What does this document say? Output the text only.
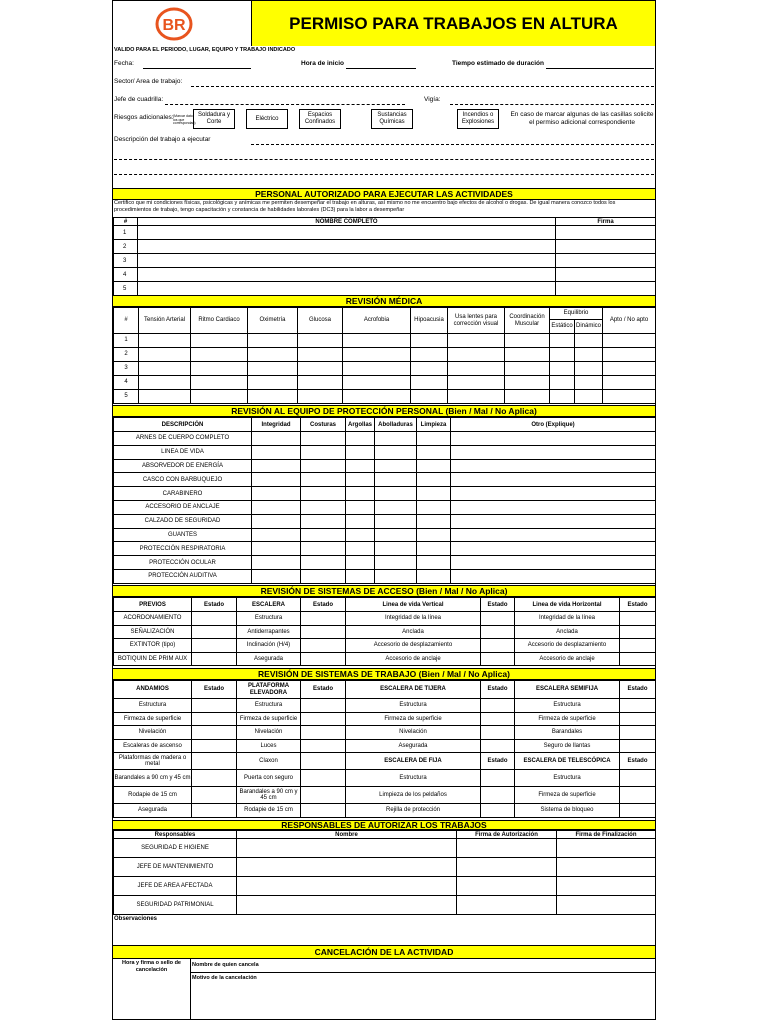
BR	PERMISO PARA TRABAJOS EN ALTURA
VALIDO PARA EL PERIODO, LUGAR, EQUIPO Y TRABAJO INDICADO
Fecha:	Hora de inicio	Tiempo estimado de duración
Sector/ Area de trabajo:
Jefe de cuadrilla:	Vigía:
Riesgos adicionales: (Marcar dato los que correspondan)
Soldadura y Corte
Eléctrico
Espacios Confinados
Sustancias Químicas
Incendios o Explosiones
En caso de marcar algunas de las casillas solicite el permiso adicional correspondiente
Descripción del trabajo a ejecutar
PERSONAL AUTORIZADO PARA EJECUTAR LAS ACTIVIDADES
Certifico que mi condiciones físicas, psicológicas y anímicas me permiten desempeñar el trabajo en alturas, así mismo no me encuentro bajo efectos de alcohol o drogas. De igual manera conozco todos los procedimientos de trabajo, tengo capacitación y constancia de habilidades laborales (DC3) para la labor a desempeñar
#	NOMBRE COMPLETO	Firma
1		
2		
3		
4		
5		
REVISIÓN MÉDICA
#	Tensión Arterial	Ritmo Cardiaco	Oximetría	Glucosa	Acrofobia	Hipoacusia	Usa lentes para corrección visual	Coordinación Muscular	Equilibrio		Apto / No apto
									Estático	Dinámico	
1											
2											
3											
4											
5											
REVISIÓN AL EQUIPO DE PROTECCIÓN PERSONAL (Bien / Mal / No Aplica)
DESCRIPCIÓN	Integridad	Costuras	Argollas	Abolladuras	Limpieza	Otro (Explique)
ARNES DE CUERPO COMPLETO						
LINEA DE VIDA						
ABSORVEDOR DE ENERGÍA						
CASCO CON BARBUQUEJO						
CARABINERO						
ACCESORIO DE ANCLAJE						
CALZADO DE SEGURIDAD						
GUANTES						
PROTECCIÓN RESPIRATORIA						
PROTECCIÓN OCULAR						
PROTECCIÓN AUDITIVA						
REVISIÓN DE SISTEMAS DE ACCESO (Bien / Mal / No Aplica)
PREVIOS	Estado	ESCALERA	Estado	Linea de vida Vertical	Estado	Linea de vida Horizontal	Estado
ACORDONAMIENTO		Estructura		Integridad de la línea		Integridad de la línea	
SEÑALIZACIÓN		Antiderrapantes		Anclada		Anclada	
EXTINTOR (tipo)		Inclinación (H/4)		Accesorio de desplazamiento		Accesorio de desplazamiento	
BOTIQUIN DE PRIM AUX		Asegurada		Accesorio de anclaje		Accesorio de anclaje	
REVISIÓN DE SISTEMAS DE TRABAJO (Bien / Mal / No Aplica)
ANDAMIOS	Estado	PLATAFORMA ELEVADORA	Estado	ESCALERA DE TIJERA	Estado	ESCALERA SEMIFIJA	Estado
Estructura		Estructura		Estructura		Estructura	
Firmeza de superficie		Firmeza de superficie		Firmeza de superficie		Firmeza de superficie	
Nivelación		Nivelación		Nivelación		Barandales	
Escaleras de ascenso		Luces		Asegurada		Seguro de llantas	
Plataformas de madera o metal		Claxon		ESCALERA DE FIJA	Estado	ESCALERA DE TELESCÓPICA	Estado
Barandales a 90 cm y 45 cm		Puerta con seguro		Estructura		Estructura	
Rodapie de 15 cm		Barandales a 90 cm y 45 cm		Limpieza de los peldaños		Firmeza de superficie	
Asegurada		Rodapie de 15 cm		Rejilla de protección		Sistema de bloqueo	
RESPONSABLES DE AUTORIZAR LOS TRABAJOS
Responsables	Nombre	Firma de Autorización	Firma de Finalización
SEGURIDAD E HIGIENE			
JEFE DE MANTENIMIENTO			
JEFE DE AREA AFECTADA			
SEGURIDAD PATRIMONIAL			
Observaciones
CANCELACIÓN DE LA ACTIVIDAD
Hora y firma o sello de cancelación
Nombre de quien cancela
Motivo de la cancelación
